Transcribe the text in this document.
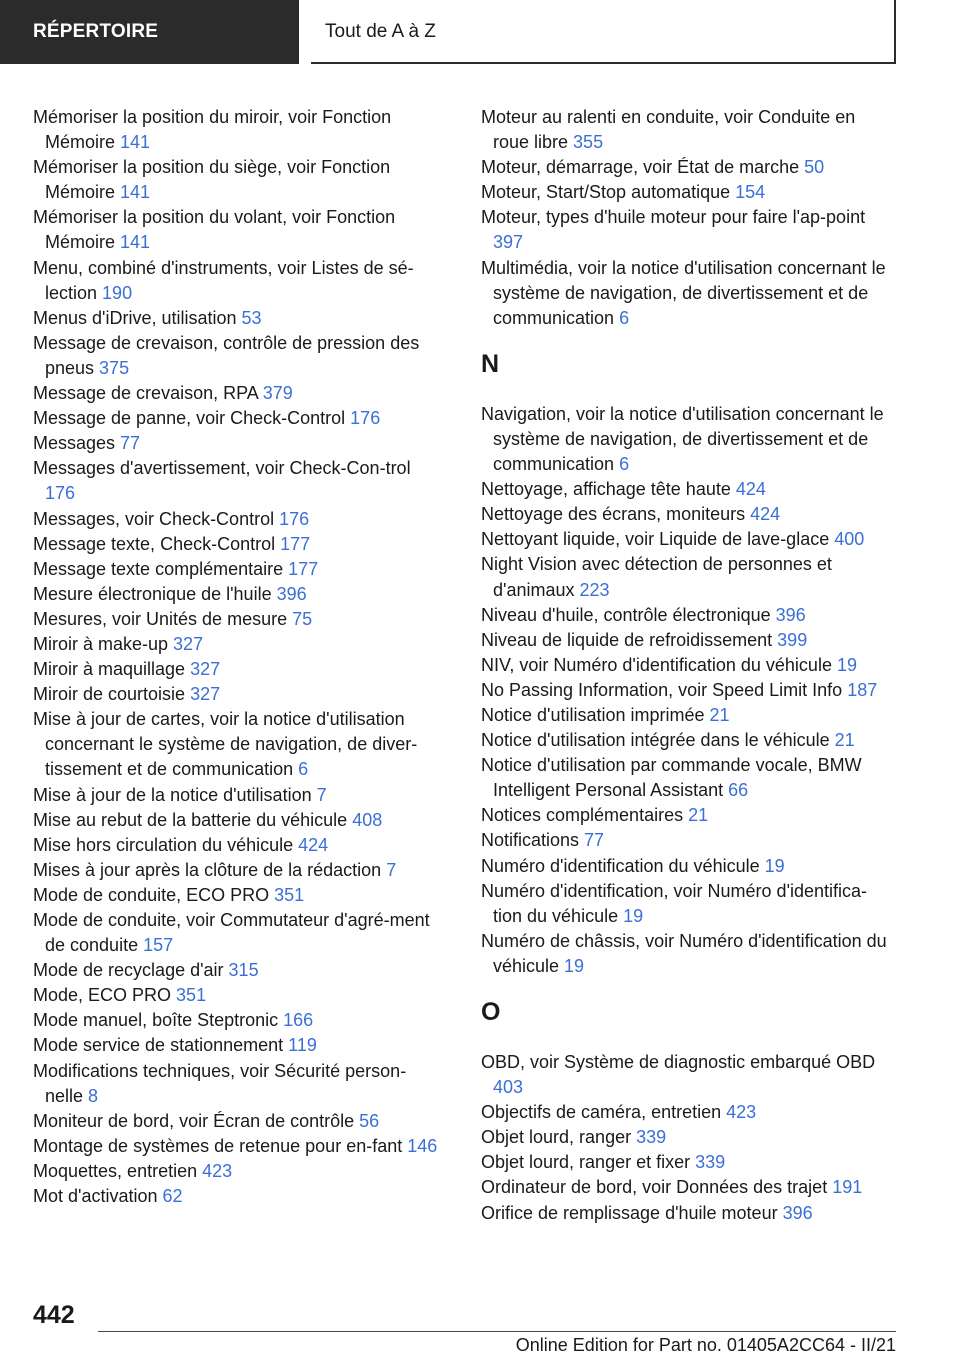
RÉPERTOIRE	Tout de A à Z

Mémoriser la position du miroir, voir Fonction Mémoire 141

Mémoriser la position du siège, voir Fonction Mémoire 141

Mémoriser la position du volant, voir Fonction Mémoire 141

Menu, combiné d'instruments, voir Listes de sé‐lection 190

Menus d'iDrive, utilisation 53

Message de crevaison, contrôle de pression des pneus 375

Message de crevaison, RPA 379

Message de panne, voir Check-Control 176

Messages 77

Messages d'avertissement, voir Check-Con‐trol 176

Messages, voir Check-Control 176

Message texte, Check-Control 177

Message texte complémentaire 177

Mesure électronique de l'huile 396

Mesures, voir Unités de mesure 75

Miroir à make-up 327

Miroir à maquillage 327

Miroir de courtoisie 327

Mise à jour de cartes, voir la notice d'utilisation concernant le système de navigation, de diver‐tissement et de communication 6

Mise à jour de la notice d'utilisation 7

Mise au rebut de la batterie du véhicule 408

Mise hors circulation du véhicule 424

Mises à jour après la clôture de la rédaction 7

Mode de conduite, ECO PRO 351

Mode de conduite, voir Commutateur d'agré‐ment de conduite 157

Mode de recyclage d'air 315

Mode, ECO PRO 351

Mode manuel, boîte Steptronic 166

Mode service de stationnement 119

Modifications techniques, voir Sécurité person‐nelle 8

Moniteur de bord, voir Écran de contrôle 56

Montage de systèmes de retenue pour en‐fant 146

Moquettes, entretien 423

Mot d'activation 62

Moteur au ralenti en conduite, voir Conduite en roue libre 355

Moteur, démarrage, voir État de marche 50

Moteur, Start/Stop automatique 154

Moteur, types d'huile moteur pour faire l'ap‐point 397

Multimédia, voir la notice d'utilisation concernant le système de navigation, de divertissement et de communication 6

N

Navigation, voir la notice d'utilisation concernant le système de navigation, de divertissement et de communication 6

Nettoyage, affichage tête haute 424

Nettoyage des écrans, moniteurs 424

Nettoyant liquide, voir Liquide de lave-glace 400

Night Vision avec détection de personnes et d'animaux 223

Niveau d'huile, contrôle électronique 396

Niveau de liquide de refroidissement 399

NIV, voir Numéro d'identification du véhicule 19

No Passing Information, voir Speed Limit Info 187

Notice d'utilisation imprimée 21

Notice d'utilisation intégrée dans le véhicule 21

Notice d'utilisation par commande vocale, BMW Intelligent Personal Assistant 66

Notices complémentaires 21

Notifications 77

Numéro d'identification du véhicule 19

Numéro d'identification, voir Numéro d'identifica‐tion du véhicule 19

Numéro de châssis, voir Numéro d'identification du véhicule 19

O

OBD, voir Système de diagnostic embarqué OBD 403

Objectifs de caméra, entretien 423

Objet lourd, ranger 339

Objet lourd, ranger et fixer 339

Ordinateur de bord, voir Données des trajet 191

Orifice de remplissage d'huile moteur 396

442
Online Edition for Part no. 01405A2CC64 - II/21
